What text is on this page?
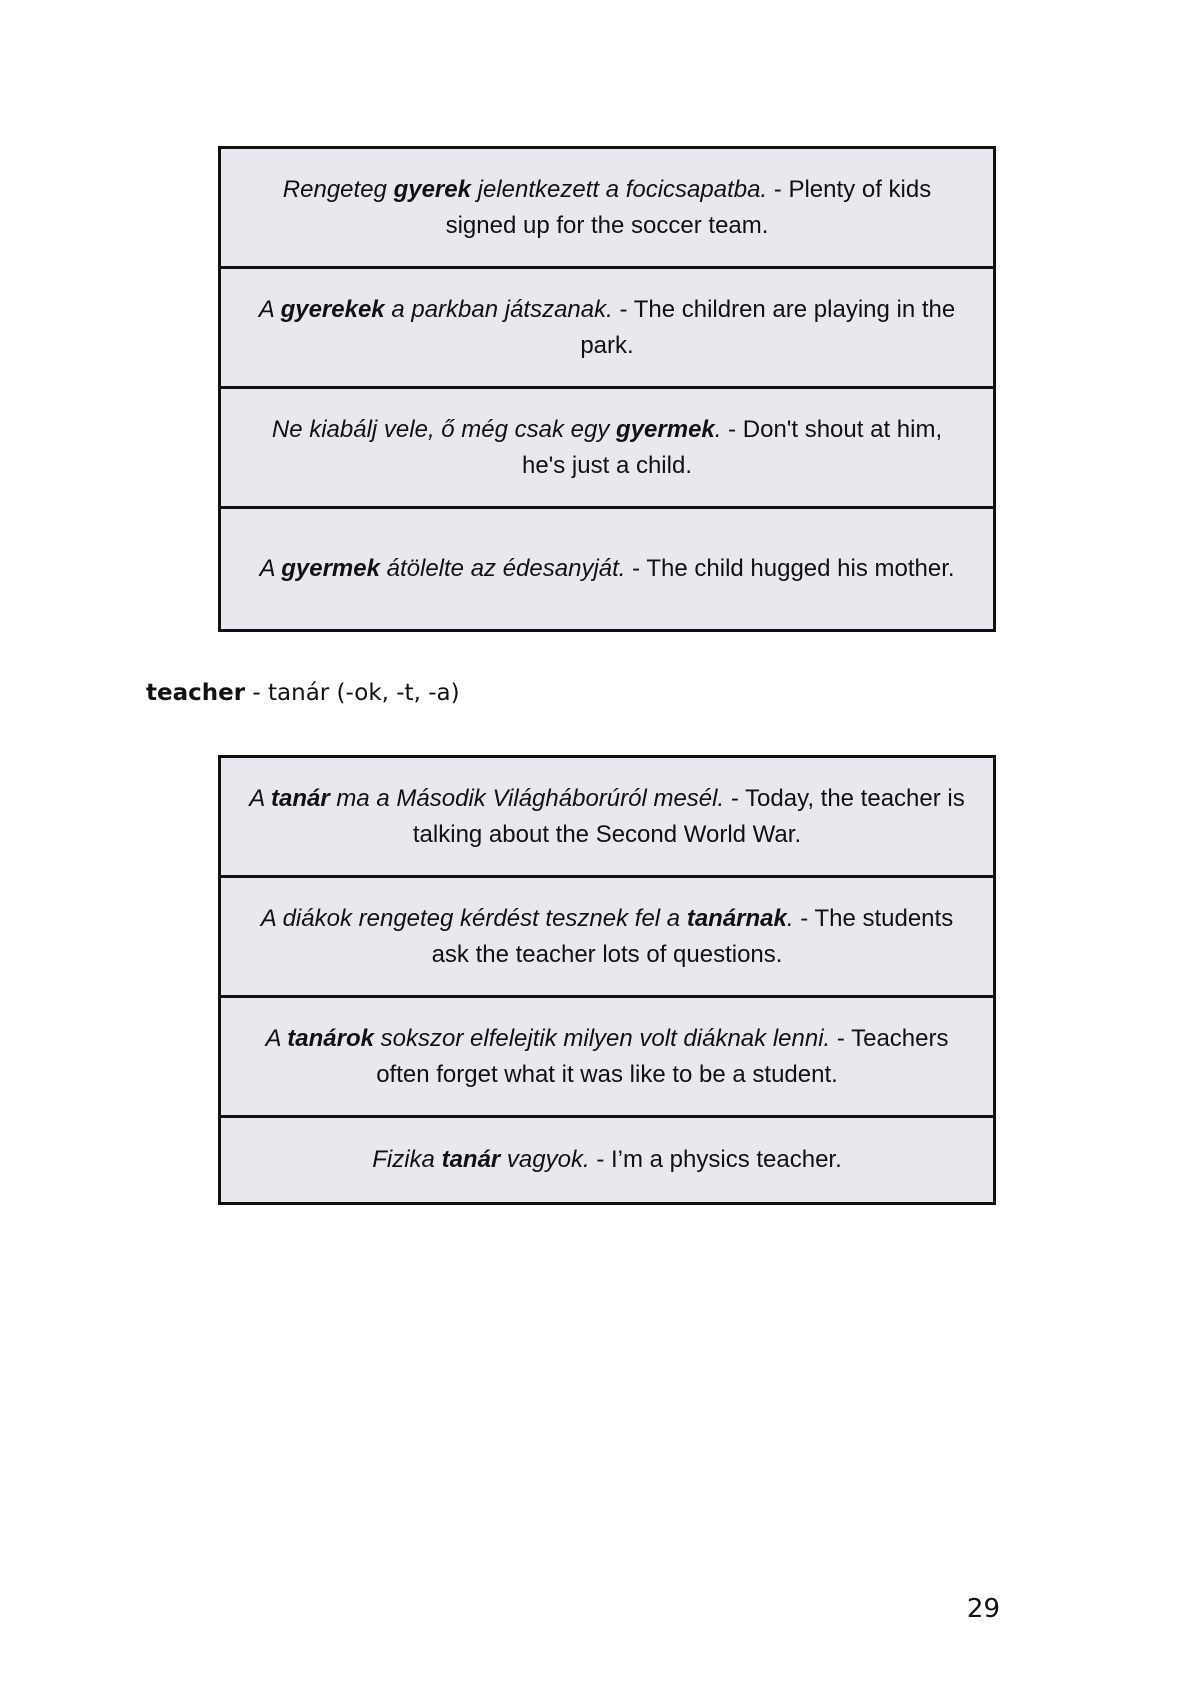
Rengeteg gyerek jelentkezett a focicsapatba. - Plenty of kids signed up for the soccer team.
A gyerekek a parkban játszanak. - The children are playing in the park.
Ne kiabálj vele, ő még csak egy gyermek. - Don't shout at him, he's just a child.
A gyermek átölelte az édesanyját. - The child hugged his mother.
teacher - tanár (-ok, -t, -a)
A tanár ma a Második Világháborúról mesél. - Today, the teacher is talking about the Second World War.
A diákok rengeteg kérdést tesznek fel a tanárnak. - The students ask the teacher lots of questions.
A tanárok sokszor elfelejtik milyen volt diáknak lenni. - Teachers often forget what it was like to be a student.
Fizika tanár vagyok. - I’m a physics teacher.
29
